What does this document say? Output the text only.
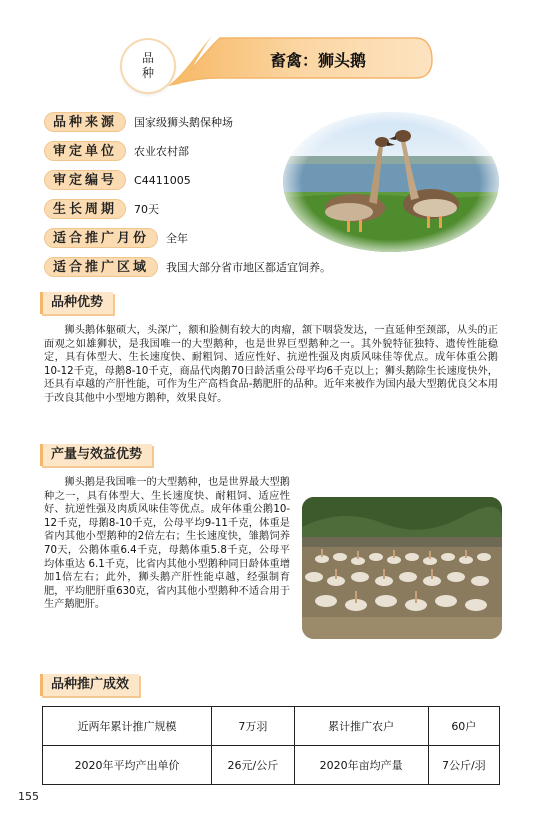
品
种
畜禽：狮头鹅
品种来源	国家级狮头鹅保种场
审定单位	农业农村部
审定编号	C4411005
生长周期	70天
适合推广月份	全年
适合推广区域	我国大部分省市地区都适宜饲养。
品种优势

狮头鹅体躯硕大，头深广，额和脸侧有较大的肉瘤，颔下咽袋发达，一直延伸至颈部，从头的正面观之如雄狮状，是我国唯一的大型鹅种，也是世界巨型鹅种之一。其外貌特征独特、遗传性能稳定，具有体型大、生长速度快、耐粗饲、适应性好、抗逆性强及肉质风味佳等优点。成年体重公鹅10-12千克，母鹅8-10千克，商品代肉鹅70日龄活重公母平均6千克以上；狮头鹅除生长速度快外，还具有卓越的产肝性能，可作为生产高档食品-鹅肥肝的品种。近年来被作为国内最大型鹅优良父本用于改良其他中小型地方鹅种，效果良好。

产量与效益优势

狮头鹅是我国唯一的大型鹅种，也是世界最大型鹅种之一，具有体型大、生长速度快、耐粗饲、适应性好、抗逆性强及肉质风味佳等优点。成年体重公鹅10-12千克，母鹅8-10千克，公母平均9-11千克，体重是省内其他小型鹅种的2倍左右；生长速度快，雏鹅饲养70天，公鹅体重6.4千克，母鹅体重5.8千克，公母平均体重达 6.1千克，比省内其他小型鹅种同日龄体重增加1倍左右；此外，狮头鹅产肝性能卓越，经强制育肥，平均肥肝重630克，省内其他小型鹅种不适合用于生产鹅肥肝。

品种推广成效
近两年累计推广规模	7万羽	累计推广农户	60户
2020年平均产出单价	26元/公斤	2020年亩均产量	7公斤/羽
155
